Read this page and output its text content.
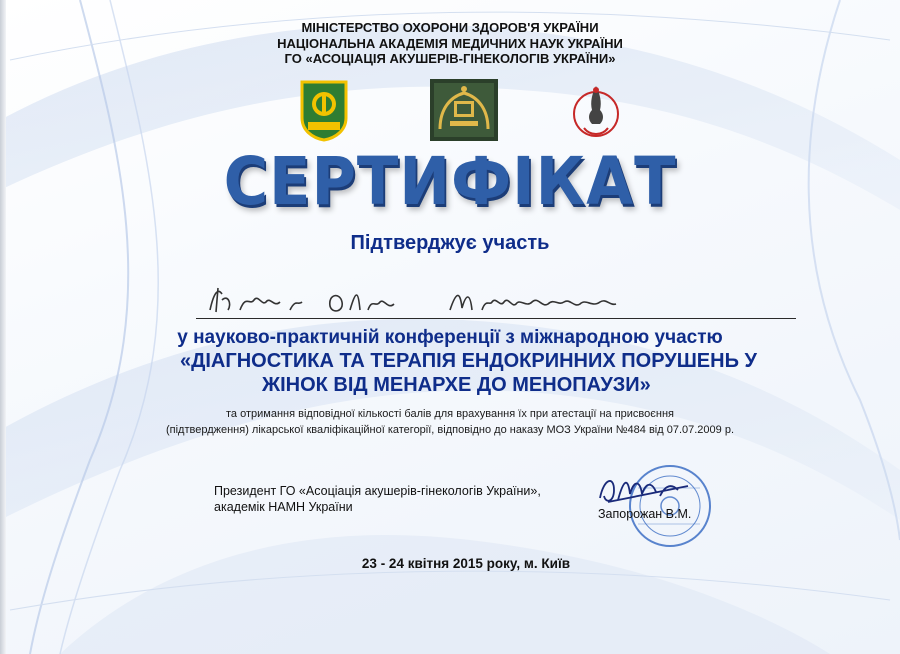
МІНІСТЕРСТВО ОХОРОНИ ЗДОРОВ'Я УКРАЇНИ
НАЦІОНАЛЬНА АКАДЕМІЯ МЕДИЧНИХ НАУК УКРАЇНИ
ГО «АСОЦІАЦІЯ АКУШЕРІВ-ГІНЕКОЛОГІВ УКРАЇНИ»
СЕРТИФІКАТ
Підтверджує участь
у науково-практичній конференції з міжнародною участю
«ДІАГНОСТИКА ТА ТЕРАПІЯ ЕНДОКРИННИХ ПОРУШЕНЬ У
ЖІНОК ВІД МЕНАРХЕ ДО МЕНОПАУЗИ»
та отримання відповідної кількості балів для врахування їх при атестації на присвоєння
(підтвердження) лікарської кваліфікаційної категорії, відповідно до наказу МОЗ України №484 від 07.07.2009 р.
Президент ГО «Асоціація акушерів-гінекологів України»,
академік НАМН України	Запорожан В.М.
23 - 24 квітня 2015 року, м. Київ
